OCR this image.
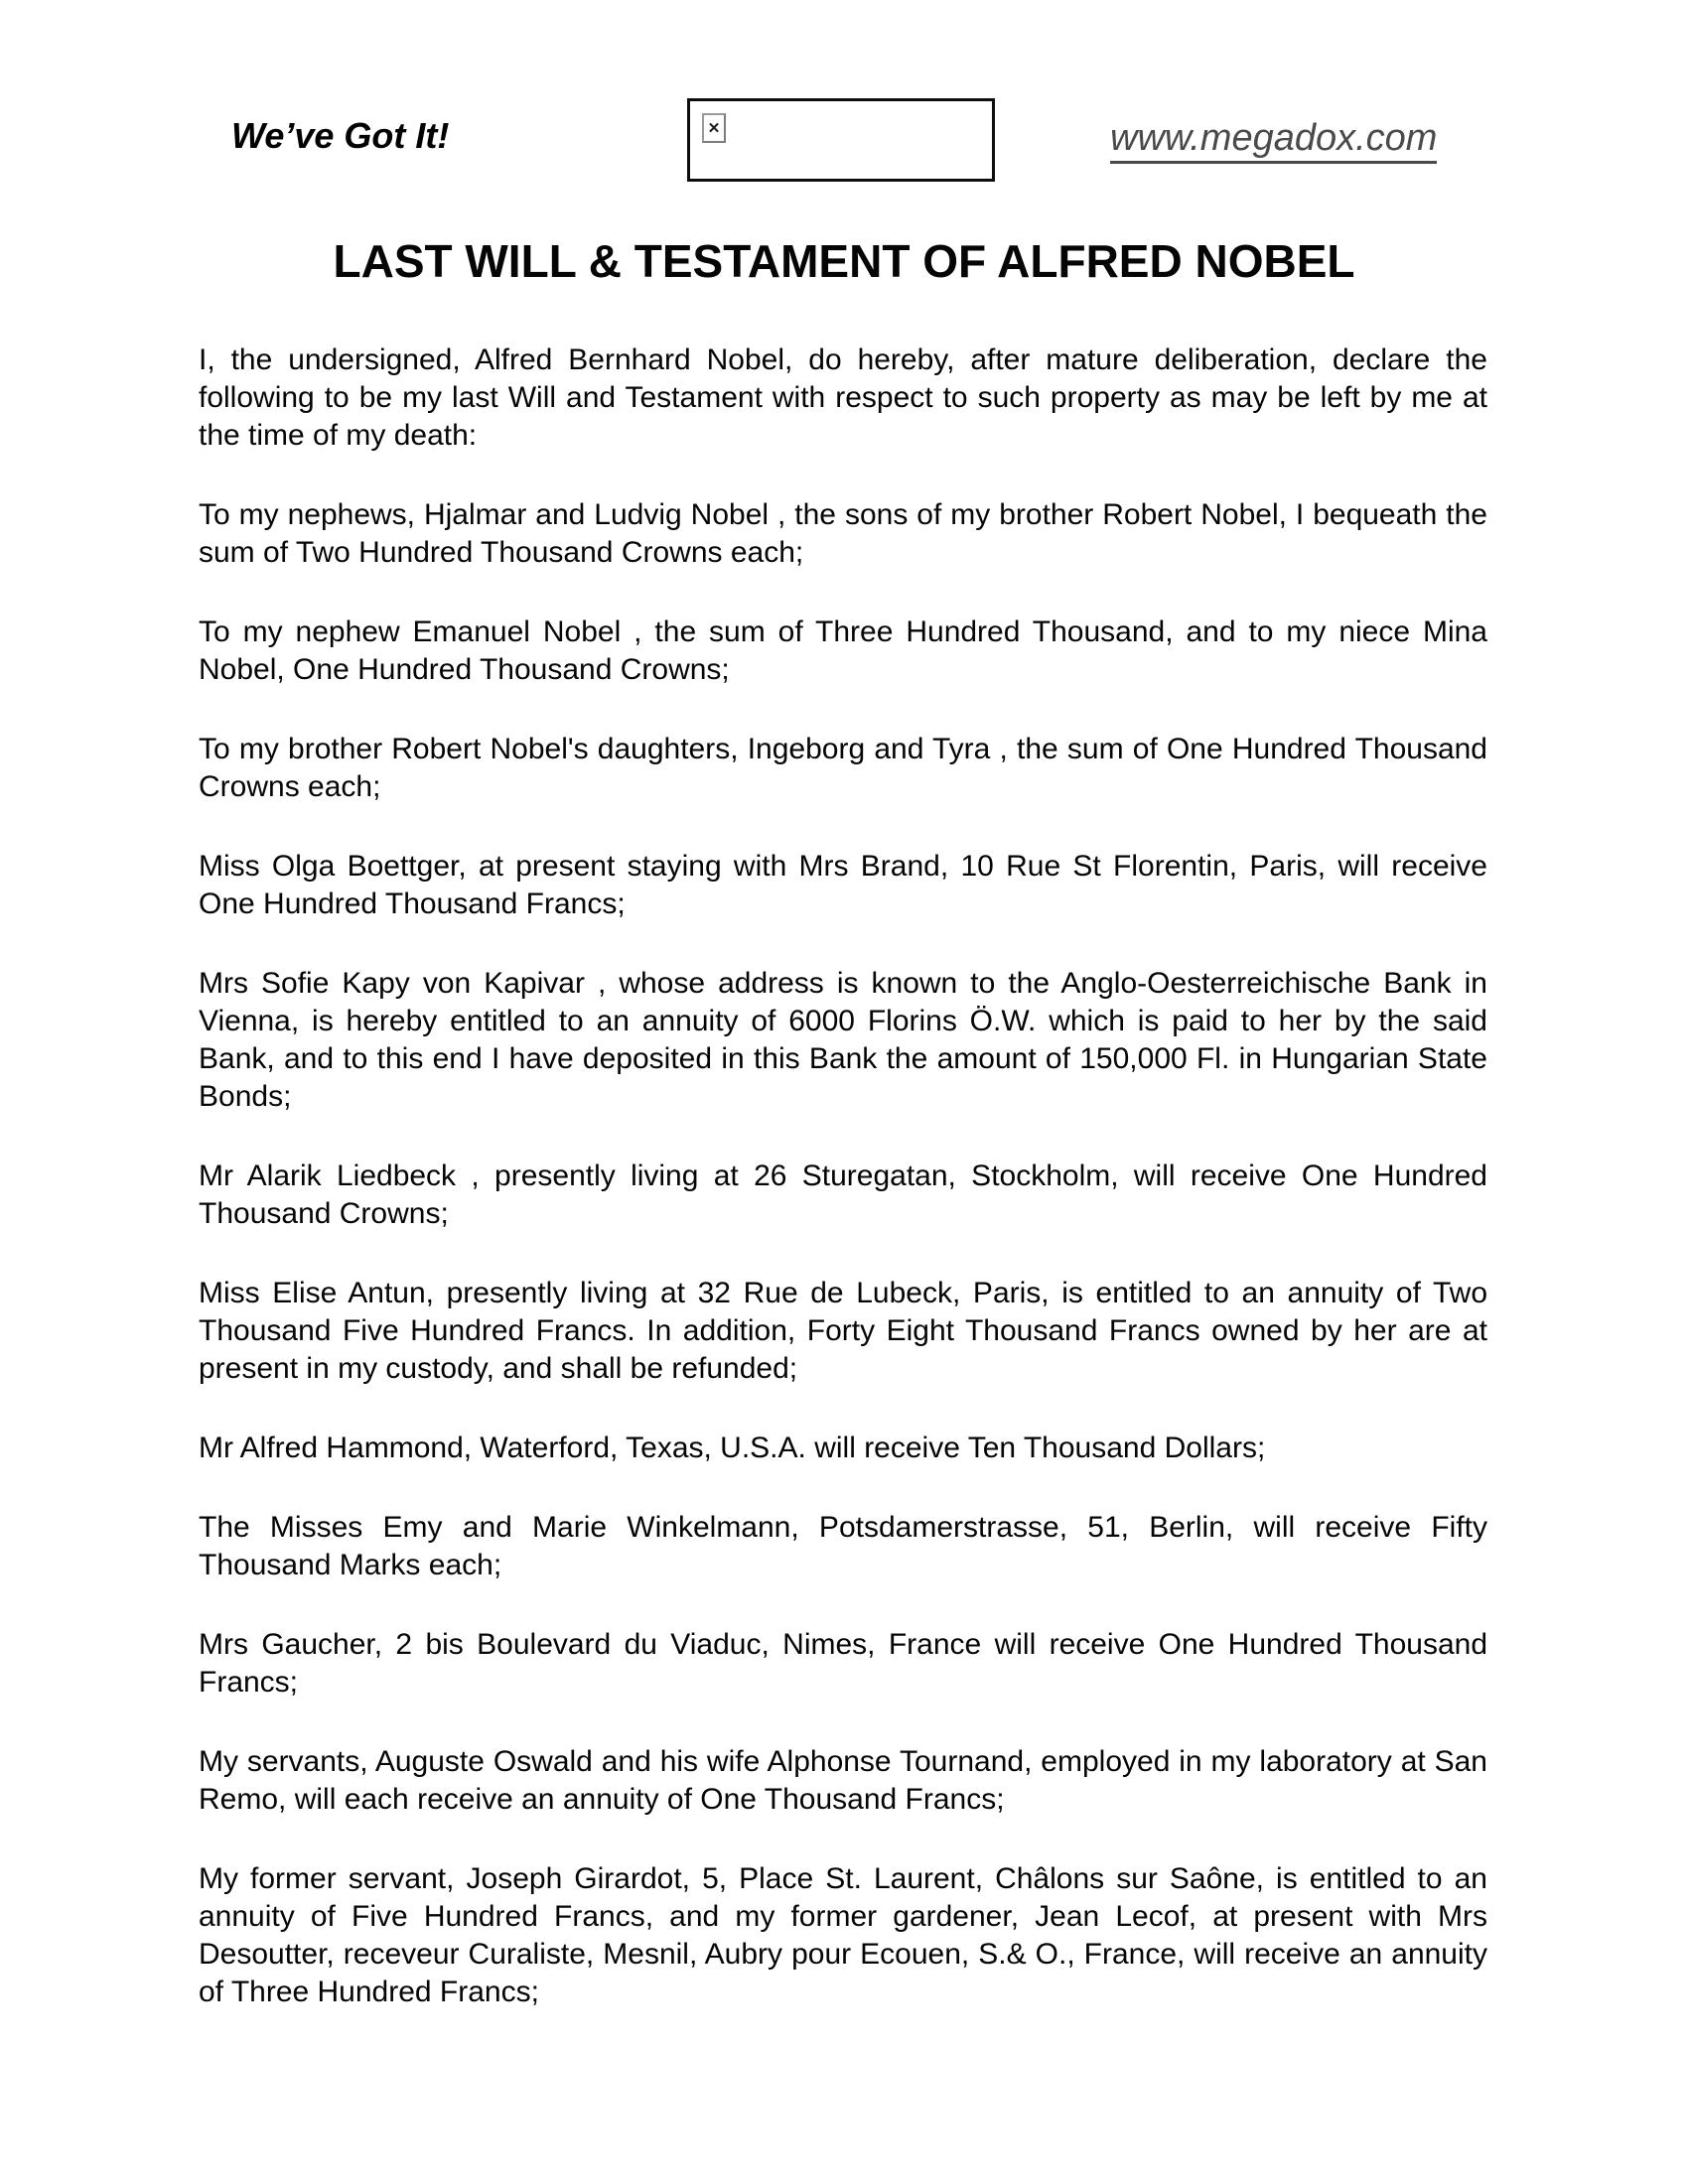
We’ve Got It!	✕	www.megadox.com
LAST WILL & TESTAMENT OF ALFRED NOBEL

I, the undersigned, Alfred Bernhard Nobel, do hereby, after mature deliberation, declare the following to be my last Will and Testament with respect to such property as may be left by me at the time of my death:

To my nephews, Hjalmar and Ludvig Nobel , the sons of my brother Robert Nobel, I bequeath the sum of Two Hundred Thousand Crowns each;

To my nephew Emanuel Nobel , the sum of Three Hundred Thousand, and to my niece Mina Nobel, One Hundred Thousand Crowns;

To my brother Robert Nobel's daughters, Ingeborg and Tyra , the sum of One Hundred Thousand Crowns each;

Miss Olga Boettger, at present staying with Mrs Brand, 10 Rue St Florentin, Paris, will receive One Hundred Thousand Francs;

Mrs Sofie Kapy von Kapivar , whose address is known to the Anglo-Oesterreichische Bank in Vienna, is hereby entitled to an annuity of 6000 Florins Ö.W. which is paid to her by the said Bank, and to this end I have deposited in this Bank the amount of 150,000 Fl. in Hungarian State Bonds;

Mr Alarik Liedbeck , presently living at 26 Sturegatan, Stockholm, will receive One Hundred Thousand Crowns;

Miss Elise Antun, presently living at 32 Rue de Lubeck, Paris, is entitled to an annuity of Two Thousand Five Hundred Francs. In addition, Forty Eight Thousand Francs owned by her are at present in my custody, and shall be refunded;

Mr Alfred Hammond, Waterford, Texas, U.S.A. will receive Ten Thousand Dollars;

The Misses Emy and Marie Winkelmann, Potsdamerstrasse, 51, Berlin, will receive Fifty Thousand Marks each;

Mrs Gaucher, 2 bis Boulevard du Viaduc, Nimes, France will receive One Hundred Thousand Francs;

My servants, Auguste Oswald and his wife Alphonse Tournand, employed in my laboratory at San Remo, will each receive an annuity of One Thousand Francs;

My former servant, Joseph Girardot, 5, Place St. Laurent, Châlons sur Saône, is entitled to an annuity of Five Hundred Francs, and my former gardener, Jean Lecof, at present with Mrs Desoutter, receveur Curaliste, Mesnil, Aubry pour Ecouen, S.& O., France, will receive an annuity of Three Hundred Francs;
